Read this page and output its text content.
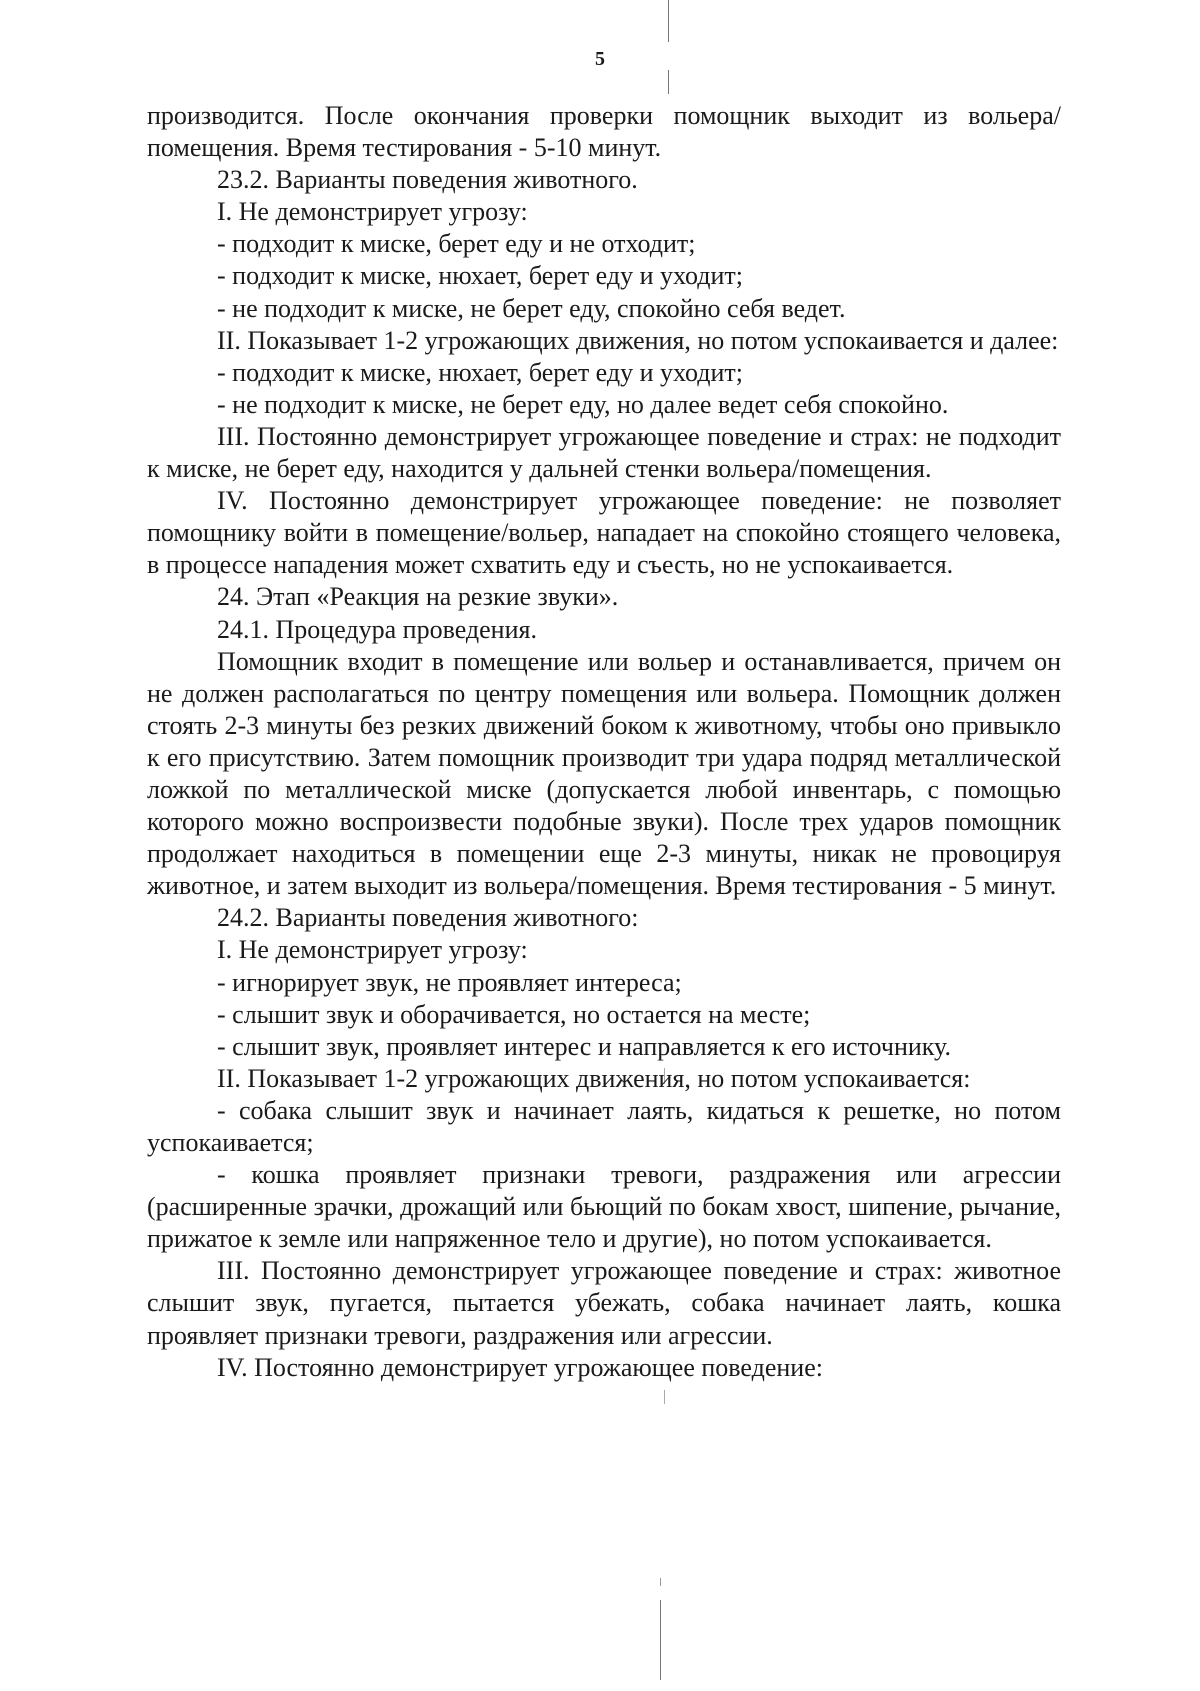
5

производится. После окончания проверки помощник выходит из вольера/помещения. Время тестирования - 5-10 минут.

23.2. Варианты поведения животного.

I. Не демонстрирует угрозу:

- подходит к миске, берет еду и не отходит;

- подходит к миске, нюхает, берет еду и уходит;

- не подходит к миске, не берет еду, спокойно себя ведет.

II. Показывает 1-2 угрожающих движения, но потом успокаивается и далее:

- подходит к миске, нюхает, берет еду и уходит;

- не подходит к миске, не берет еду, но далее ведет себя спокойно.

III. Постоянно демонстрирует угрожающее поведение и страх: не подходит к миске, не берет еду, находится у дальней стенки вольера/помещения.

IV. Постоянно демонстрирует угрожающее поведение: не позволяет помощнику войти в помещение/вольер, нападает на спокойно стоящего человека, в процессе нападения может схватить еду и съесть, но не успокаивается.

24. Этап «Реакция на резкие звуки».

24.1. Процедура проведения.

Помощник входит в помещение или вольер и останавливается, причем он не должен располагаться по центру помещения или вольера. Помощник должен стоять 2-3 минуты без резких движений боком к животному, чтобы оно привыкло к его присутствию. Затем помощник производит три удара подряд металлической ложкой по металлической миске (допускается любой инвентарь, с помощью которого можно воспроизвести подобные звуки). После трех ударов помощник продолжает находиться в помещении еще 2-3 минуты, никак не провоцируя животное, и затем выходит из вольера/помещения. Время тестирования - 5 минут.

24.2. Варианты поведения животного:

I. Не демонстрирует угрозу:

- игнорирует звук, не проявляет интереса;

- слышит звук и оборачивается, но остается на месте;

- слышит звук, проявляет интерес и направляется к его источнику.

II. Показывает 1-2 угрожающих движения, но потом успокаивается:

- собака слышит звук и начинает лаять, кидаться к решетке, но потом успокаивается;

- кошка проявляет признаки тревоги, раздражения или агрессии (расширенные зрачки, дрожащий или бьющий по бокам хвост, шипение, рычание, прижатое к земле или напряженное тело и другие), но потом успокаивается.

III. Постоянно демонстрирует угрожающее поведение и страх: животное слышит звук, пугается, пытается убежать, собака начинает лаять, кошка проявляет признаки тревоги, раздражения или агрессии.

IV. Постоянно демонстрирует угрожающее поведение:
